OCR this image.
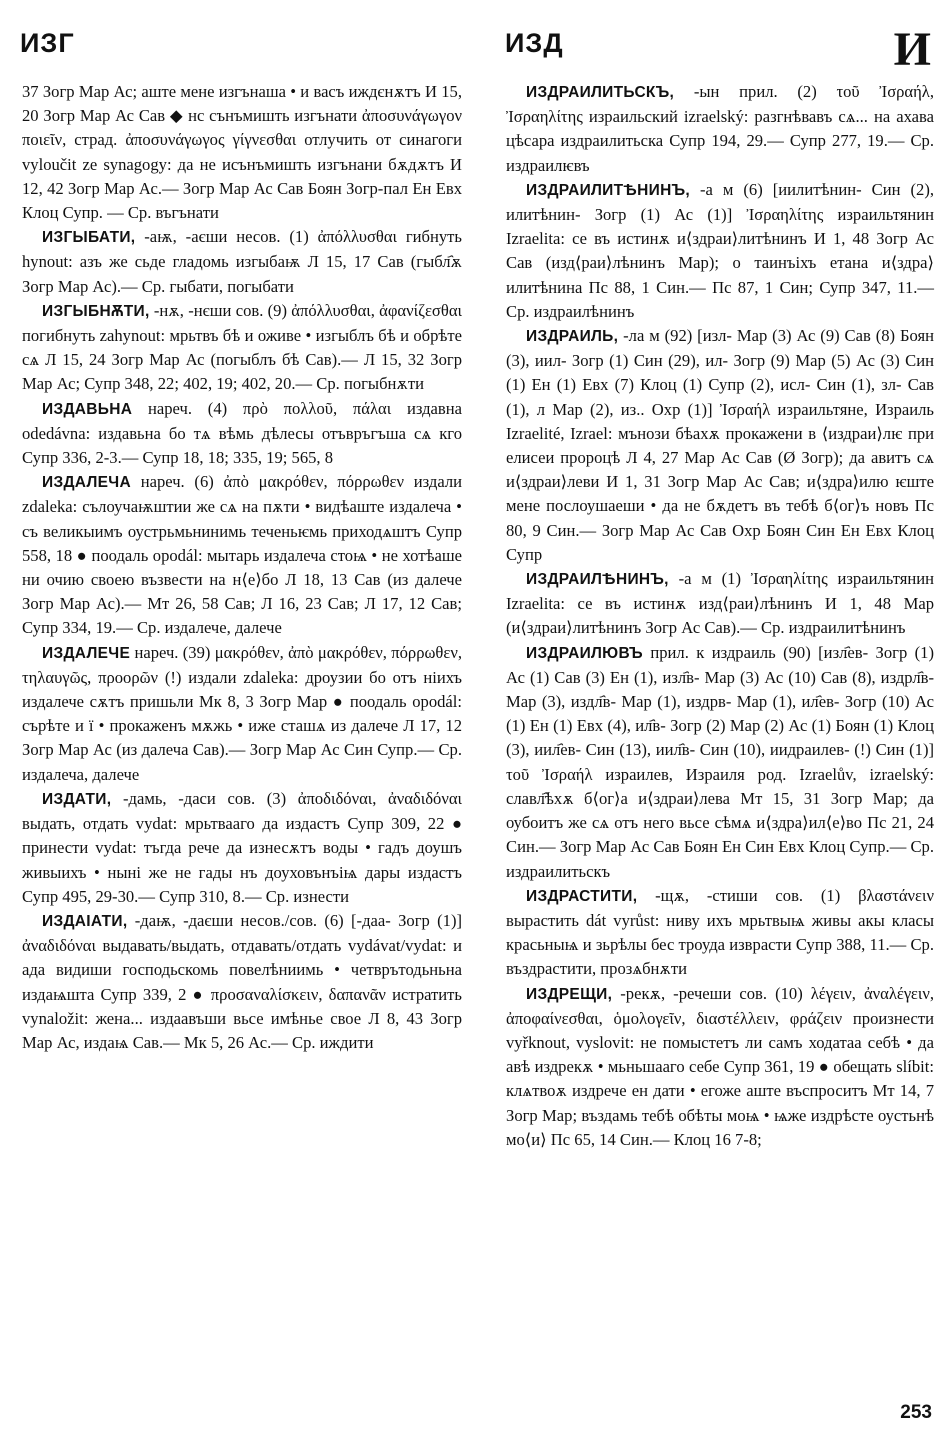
ИЗГ	ИЗД	И

37 Зогр Мар Ас; аште мене изгънаша • и васъ иждєнѫтъ И 15, 20 Зогр Мар Ас Сав ◆ нс сънъмишть изгънати ἀποσυνάγωγον ποιεῖν, страд. ἀποσυνάγωγος γίγνεσθαι отлучить от синагоги vyloučit ze synagogy: да не исънъмишть изгънани бѫдѫтъ И 12, 42 Зогр Мар Ас.— Зогр Мар Ас Сав Боян Зогр-пал Ен Евх Клоц Супр. — Ср. въгънати

ИЗГЫБАТИ, -аѭ, -аєши несов. (1) ἀπόλλυσθαι гибнуть hynout: азъ же сьде гладомь изгыбаѭ Л 15, 17 Сав (гыбл҄ѫ Зогр Мар Ас).— Ср. гыбати, погыбати

ИЗГЫБНѪТИ, -нѫ, -нєши сов. (9) ἀπόλλυσθαι, ἀφανίζεσθαι погибнуть zahynout: мрьтвъ бѣ и оживе • изгыблъ бѣ и обрѣте сѧ Л 15, 24 Зогр Мар Ас (погыблъ бѣ Сав).— Л 15, 32 Зогр Мар Ас; Супр 348, 22; 402, 19; 402, 20.— Ср. погыбнѫти

ИЗДАВЬНА нареч. (4) πρὸ πολλοῦ, πάλαι издавна odedávna: издавьна бо тѧ вѣмь дѣлесы отъвръгъша сѧ кго Супр 336, 2-3.— Супр 18, 18; 335, 19; 565, 8

ИЗДАЛЕЧА нареч. (6) ἀπὸ μακρόθεν, πόρρωθεν издали zdaleka: сълоучаѭштии же сѧ на пѫти • видѣаште издалеча • съ великыимъ оустрьмьнинимь теченьѥмь приходѧштъ Супр 558, 18 ● поодаль opodál: мытарь издалеча стоѩ • не хотѣаше ни очию своею възвести на н⟨е⟩бо Л 18, 13 Сав (из далече Зогр Мар Ас).— Мт 26, 58 Сав; Л 16, 23 Сав; Л 17, 12 Сав; Супр 334, 19.— Ср. издалече, далече

ИЗДАЛЕЧЕ нареч. (39) μακρόθεν, ἀπὸ μακρόθεν, πόρρωθεν, τηλαυγῶς, προορῶν (!) издали zdaleka: дроузии бо отъ ніихъ издалече сѫтъ пришьли Мк 8, 3 Зогр Мар ● поодаль opodál: сърѣте и ї • прокаженъ мѫжь • иже сташѧ из далече Л 17, 12 Зогр Мар Ас (из далеча Сав).— Зогр Мар Ас Син Супр.— Ср. издалеча, далече

ИЗДАТИ, -дамь, -даси сов. (3) ἀποδιδόναι, ἀναδιδόναι выдать, отдать vydat: мрьтвааго да издастъ Супр 309, 22 ● принести vydat: тъгда рече да изнесѫтъ воды • гадъ доушъ живыихъ • ныні же не гады нъ доуховънъіѩ дары издастъ Супр 495, 29-30.— Супр 310, 8.— Ср. изнести

ИЗДАІАТИ, -даѭ, -даєши несов./сов. (6) [-даа- Зогр (1)] ἀναδιδόναι выдавать/выдать, отдавать/отдать vydávat/vydat: и ада видиши господьскомь повелѣниимь • четврътодьньна издаѩшта Супр 339, 2 ● προσαναλίσκειν, δαπανᾶν истратить vynaložit: жена... издаавъши вьсе имѣнье свое Л 8, 43 Зогр Мар Ас, издаѩ Сав.— Мк 5, 26 Ас.— Ср. иждити

ИЗДРАИЛИТЬСКЪ, -ын прил. (2) τοῦ Ἰσραήλ, Ἰσραηλίτης израильский izraelský: разгнѣвавъ сѧ... на ахава цѣсара издраилитьска Супр 194, 29.— Супр 277, 19.— Ср. издраилѥвъ

ИЗДРАИЛИТѢНИНЪ, -а м (6) [иилитѣнин- Син (2), илитѣнин- Зогр (1) Ас (1)] Ἰσραηλίτης израильтянин Izraelita: се въ истинѫ и⟨здраи⟩литѣнинъ И 1, 48 Зогр Ас Сав (изд⟨раи⟩лѣнинъ Мар); о таинъіхъ етана и⟨здра⟩илитѣнина Пс 88, 1 Син.— Пс 87, 1 Син; Супр 347, 11.— Ср. издраилѣнинъ

ИЗДРАИЛЬ, -ла м (92) [изл- Мар (3) Ас (9) Сав (8) Боян (3), иил- Зогр (1) Син (29), ил- Зогр (9) Мар (5) Ас (3) Син (1) Ен (1) Евх (7) Клоц (1) Супр (2), исл- Син (1), зл- Сав (1), л Мар (2), из.. Охр (1)] Ἰσραήλ израильтяне, Израиль Izraelité, Izrael: мънози бѣахѫ прокажени в ⟨издраи⟩лѥ при елисеи пророцѣ Л 4, 27 Мар Ас Сав (Ø Зогр); да авитъ сѧ и⟨здраи⟩леви И 1, 31 Зогр Мар Ас Сав; и⟨здра⟩илю ѥште мене послоушаеши • да не бѫдетъ въ тебѣ б⟨ог⟩ъ новъ Пс 80, 9 Син.— Зогр Мар Ас Сав Охр Боян Син Ен Евх Клоц Супр

ИЗДРАИЛѢНИНЪ, -а м (1) Ἰσραηλίτης израильтянин Izraelita: се въ истинѫ изд⟨раи⟩лѣнинъ И 1, 48 Мар (и⟨здраи⟩литѣнинъ Зогр Ас Сав).— Ср. издраилитѣнинъ

ИЗДРАИЛЮВЪ прил. к издраиль (90) [изл҄ев- Зогр (1) Ас (1) Сав (3) Ен (1), изл҄в- Мар (3) Ас (10) Сав (8), издрл҄в- Мар (3), издл҄в- Мар (1), издрв- Мар (1), ил҄ев- Зогр (10) Ас (1) Ен (1) Евх (4), ил҄в- Зогр (2) Мар (2) Ас (1) Боян (1) Клоц (3), иил҄ев- Син (13), иил҄в- Син (10), иидраилев- (!) Син (1)] τοῦ Ἰσραήλ израилев, Израиля род. Izraelův, izraelský: славл҄ѣхѫ б⟨ог⟩а и⟨здраи⟩лева Мт 15, 31 Зогр Мар; да оубоитъ же сѧ отъ него вьсе сѣмѧ и⟨здра⟩ил⟨е⟩во Пс 21, 24 Син.— Зогр Мар Ас Сав Боян Ен Син Евх Клоц Супр.— Ср. издраилитьскъ

ИЗДРАСТИТИ, -щѫ, -стиши сов. (1) βλαστάνειν вырастить dát vyrůst: ниву ихъ мрьтвыѩ живы акы класы красьныѩ и зьрѣлы бес троуда изврасти Супр 388, 11.— Ср. въздрастити, прозѧбнѫти

ИЗДРЕЩИ, -рекѫ, -речеши сов. (10) λέγειν, ἀναλέγειν, ἀποφαίνεσθαι, ὁμολογεῖν, διαστέλλειν, φράζειν произнести vyřknout, vyslovit: не помыстетъ ли самъ ходатаа себѣ • да авѣ издрекѫ • мьньшааго себе Супр 361, 19 ● обещать slíbit: клѧтвоѫ издрече ен дати • егоже аште въспроситъ Мт 14, 7 Зогр Мар; въздамь тебѣ обѣты моѩ • ѩже издрѣсте оустьнѣ мо⟨и⟩ Пс 65, 14 Син.— Клоц 16 7-8;

253
